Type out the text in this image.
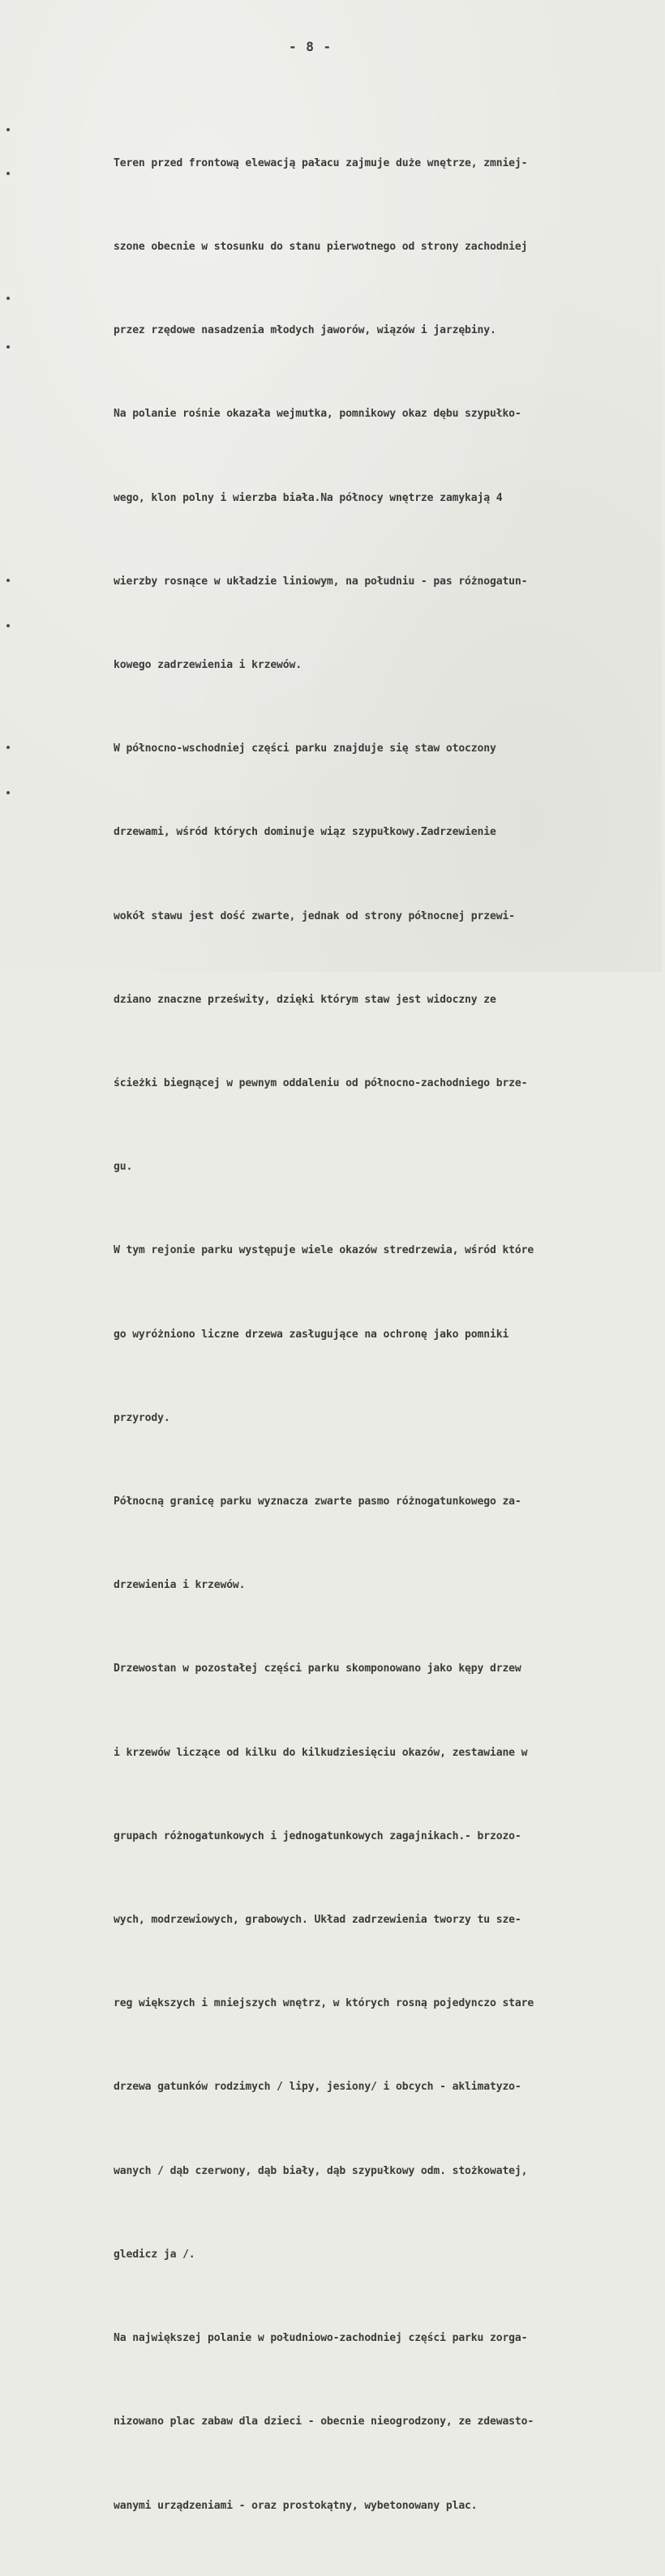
- 8 -

Teren przed frontową elewacją pałacu zajmuje duże wnętrze, zmniej-

szone obecnie w stosunku do stanu pierwotnego od strony zachodniej

przez rzędowe nasadzenia młodych jaworów, wiązów i jarzębiny.

Na polanie rośnie okazała wejmutka, pomnikowy okaz dębu szypułko-

wego, klon polny i wierzba biała.Na północy wnętrze zamykają 4

wierzby rosnące w układzie liniowym, na południu - pas różnogatun-

kowego zadrzewienia i krzewów.

W północno-wschodniej części parku znajduje się staw otoczony

drzewami, wśród których dominuje wiąz szypułkowy.Zadrzewienie

wokół stawu jest dość zwarte, jednak od strony północnej przewi-

dziano znaczne prześwity, dzięki którym staw jest widoczny ze

ścieżki biegnącej w pewnym oddaleniu od północno-zachodniego brze-

gu.

W tym rejonie parku występuje wiele okazów stredrzewia, wśród które

go wyróżniono liczne drzewa zasługujące na ochronę jako pomniki

przyrody.

Północną granicę parku wyznacza zwarte pasmo różnogatunkowego za-

drzewienia i krzewów.

Drzewostan w pozostałej części parku skomponowano jako kępy drzew

i krzewów liczące od kilku do kilkudziesięciu okazów, zestawiane w

grupach różnogatunkowych i jednogatunkowych zagajnikach.- brzozo-

wych, modrzewiowych, grabowych. Układ zadrzewienia tworzy tu sze-

reg większych i mniejszych wnętrz, w których rosną pojedynczo stare

drzewa gatunków rodzimych / lipy, jesiony/ i obcych - aklimatyzo-

wanych / dąb czerwony, dąb biały, dąb szypułkowy odm. stożkowatej,

gledicz ja /.

Na największej polanie w południowo-zachodniej części parku zorga-

nizowano plac zabaw dla dzieci - obecnie nieogrodzony, ze zdewasto-

wanymi urządzeniami - oraz prostokątny, wybetonowany plac.
